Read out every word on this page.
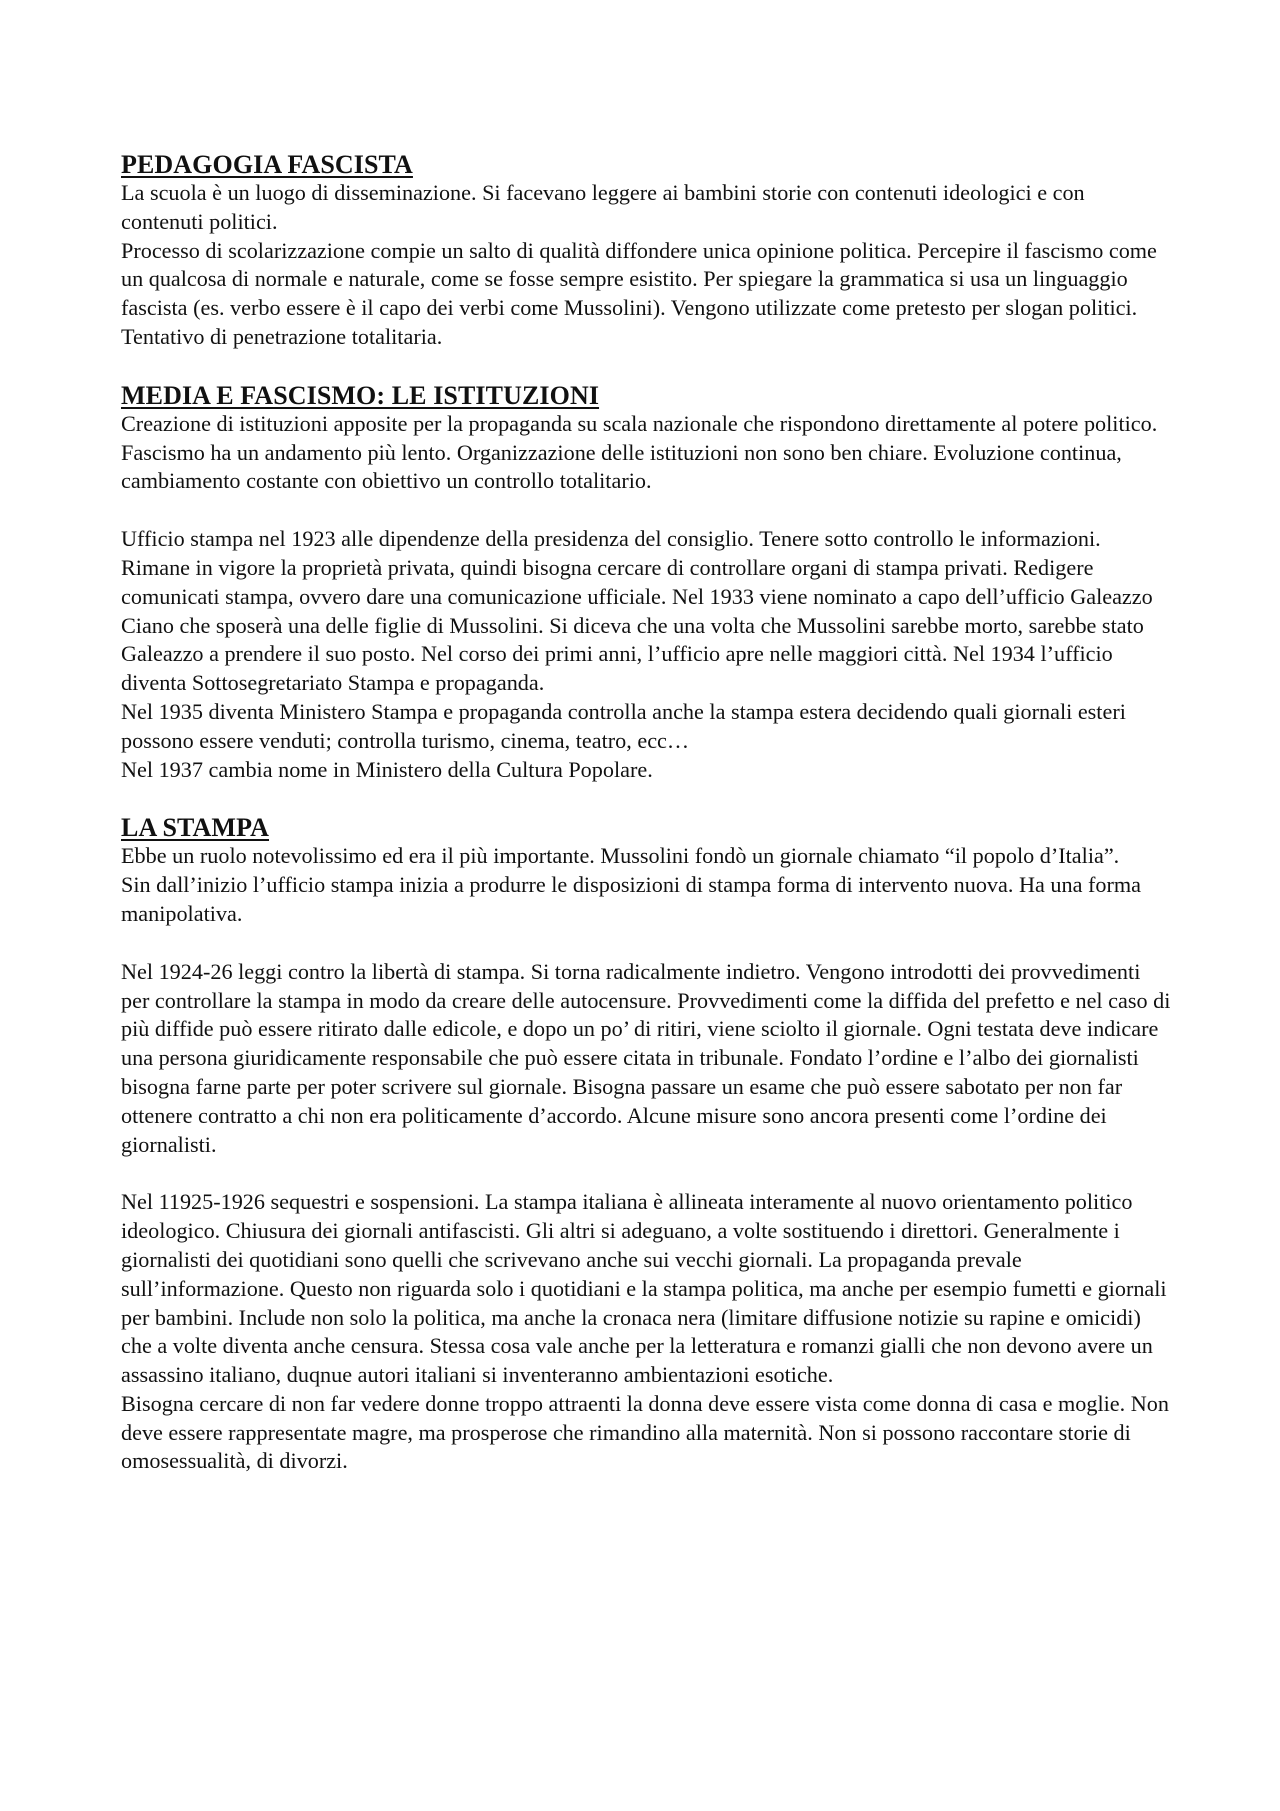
PEDAGOGIA FASCISTA

La scuola è un luogo di disseminazione. Si facevano leggere ai bambini storie con contenuti ideologici e con contenuti politici.

Processo di scolarizzazione compie un salto di qualità diffondere unica opinione politica. Percepire il fascismo come un qualcosa di normale e naturale, come se fosse sempre esistito. Per spiegare la grammatica si usa un linguaggio fascista (es. verbo essere è il capo dei verbi come Mussolini). Vengono utilizzate come pretesto per slogan politici. Tentativo di penetrazione totalitaria.

MEDIA E FASCISMO: LE ISTITUZIONI

Creazione di istituzioni apposite per la propaganda su scala nazionale che rispondono direttamente al potere politico.

Fascismo ha un andamento più lento. Organizzazione delle istituzioni non sono ben chiare. Evoluzione continua, cambiamento costante con obiettivo un controllo totalitario.

Ufficio stampa nel 1923 alle dipendenze della presidenza del consiglio. Tenere sotto controllo le informazioni. Rimane in vigore la proprietà privata, quindi bisogna cercare di controllare organi di stampa privati. Redigere comunicati stampa, ovvero dare una comunicazione ufficiale. Nel 1933 viene nominato a capo dell’ufficio Galeazzo Ciano che sposerà una delle figlie di Mussolini. Si diceva che una volta che Mussolini sarebbe morto, sarebbe stato Galeazzo a prendere il suo posto. Nel corso dei primi anni, l’ufficio apre nelle maggiori città. Nel 1934 l’ufficio diventa Sottosegretariato Stampa e propaganda.

Nel 1935 diventa Ministero Stampa e propaganda controlla anche la stampa estera decidendo quali giornali esteri possono essere venduti; controlla turismo, cinema, teatro, ecc…

Nel 1937 cambia nome in Ministero della Cultura Popolare.

LA STAMPA

Ebbe un ruolo notevolissimo ed era il più importante. Mussolini fondò un giornale chiamato “il popolo d’Italia”.

Sin dall’inizio l’ufficio stampa inizia a produrre le disposizioni di stampa forma di intervento nuova. Ha una forma manipolativa.

Nel 1924-26 leggi contro la libertà di stampa. Si torna radicalmente indietro. Vengono introdotti dei provvedimenti per controllare la stampa in modo da creare delle autocensure. Provvedimenti come la diffida del prefetto e nel caso di più diffide può essere ritirato dalle edicole, e dopo un po’ di ritiri, viene sciolto il giornale. Ogni testata deve indicare una persona giuridicamente responsabile che può essere citata in tribunale. Fondato l’ordine e l’albo dei giornalisti bisogna farne parte per poter scrivere sul giornale. Bisogna passare un esame che può essere sabotato per non far ottenere contratto a chi non era politicamente d’accordo. Alcune misure sono ancora presenti come l’ordine dei giornalisti.

Nel 11925-1926 sequestri e sospensioni. La stampa italiana è allineata interamente al nuovo orientamento politico ideologico. Chiusura dei giornali antifascisti. Gli altri si adeguano, a volte sostituendo i direttori. Generalmente i giornalisti dei quotidiani sono quelli che scrivevano anche sui vecchi giornali. La propaganda prevale sull’informazione. Questo non riguarda solo i quotidiani e la stampa politica, ma anche per esempio fumetti e giornali per bambini. Include non solo la politica, ma anche la cronaca nera (limitare diffusione notizie su rapine e omicidi) che a volte diventa anche censura. Stessa cosa vale anche per la letteratura e romanzi gialli che non devono avere un assassino italiano, duqnue autori italiani si inventeranno ambientazioni esotiche.

Bisogna cercare di non far vedere donne troppo attraenti la donna deve essere vista come donna di casa e moglie. Non deve essere rappresentate magre, ma prosperose che rimandino alla maternità. Non si possono raccontare storie di omosessualità, di divorzi.
